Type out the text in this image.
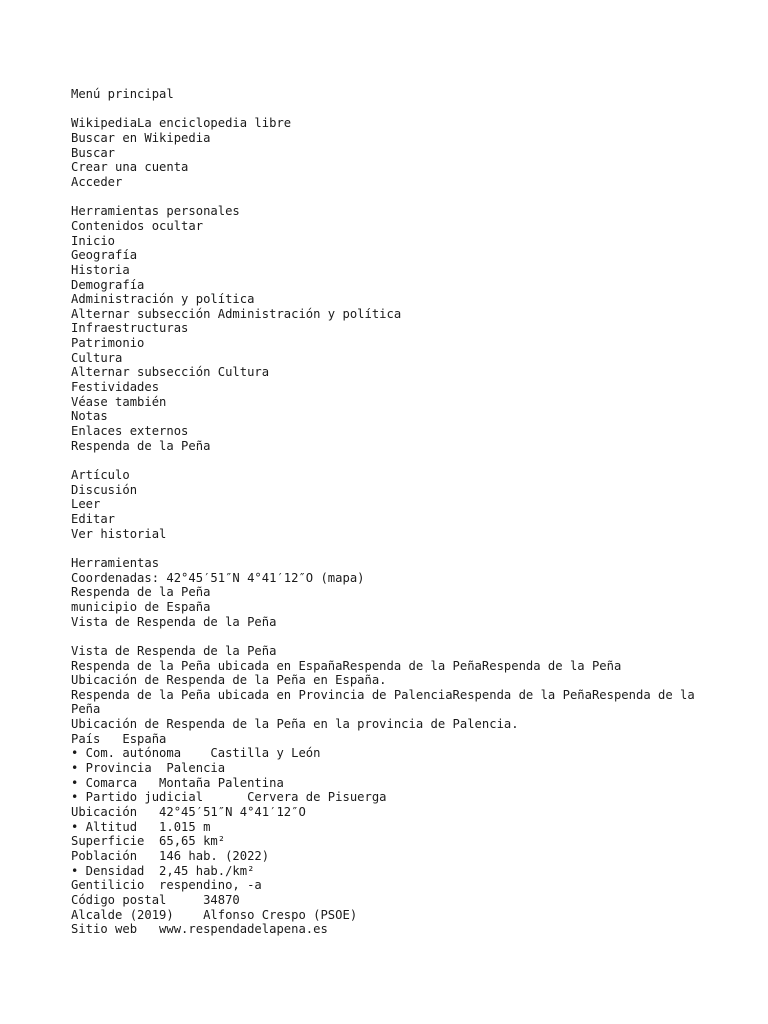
Menú principal
WikipediaLa enciclopedia libre
Buscar en Wikipedia
Buscar
Crear una cuenta
Acceder
Herramientas personales
Contenidos ocultar
Inicio
Geografía
Historia
Demografía
Administración y política
Alternar subsección Administración y política
Infraestructuras
Patrimonio
Cultura
Alternar subsección Cultura
Festividades
Véase también
Notas
Enlaces externos
Respenda de la Peña
Artículo
Discusión
Leer
Editar
Ver historial
Herramientas
Coordenadas: 42°45′51″N 4°41′12″O (mapa)
Respenda de la Peña
municipio de España
Vista de Respenda de la Peña
Vista de Respenda de la Peña
Respenda de la Peña ubicada en EspañaRespenda de la PeñaRespenda de la Peña
Ubicación de Respenda de la Peña en España.
Respenda de la Peña ubicada en Provincia de PalenciaRespenda de la PeñaRespenda de la Peña
Ubicación de Respenda de la Peña en la provincia de Palencia.
País   España
• Com. autónoma    Castilla y León
• Provincia  Palencia
• Comarca   Montaña Palentina
• Partido judicial      Cervera de Pisuerga
Ubicación   42°45′51″N 4°41′12″O
• Altitud   1.015 m
Superficie  65,65 km²
Población   146 hab. (2022)
• Densidad  2,45 hab./km²
Gentilicio  respendino, -a
Código postal     34870
Alcalde (2019)    Alfonso Crespo (PSOE)
Sitio web   www.respendadelapena.es
